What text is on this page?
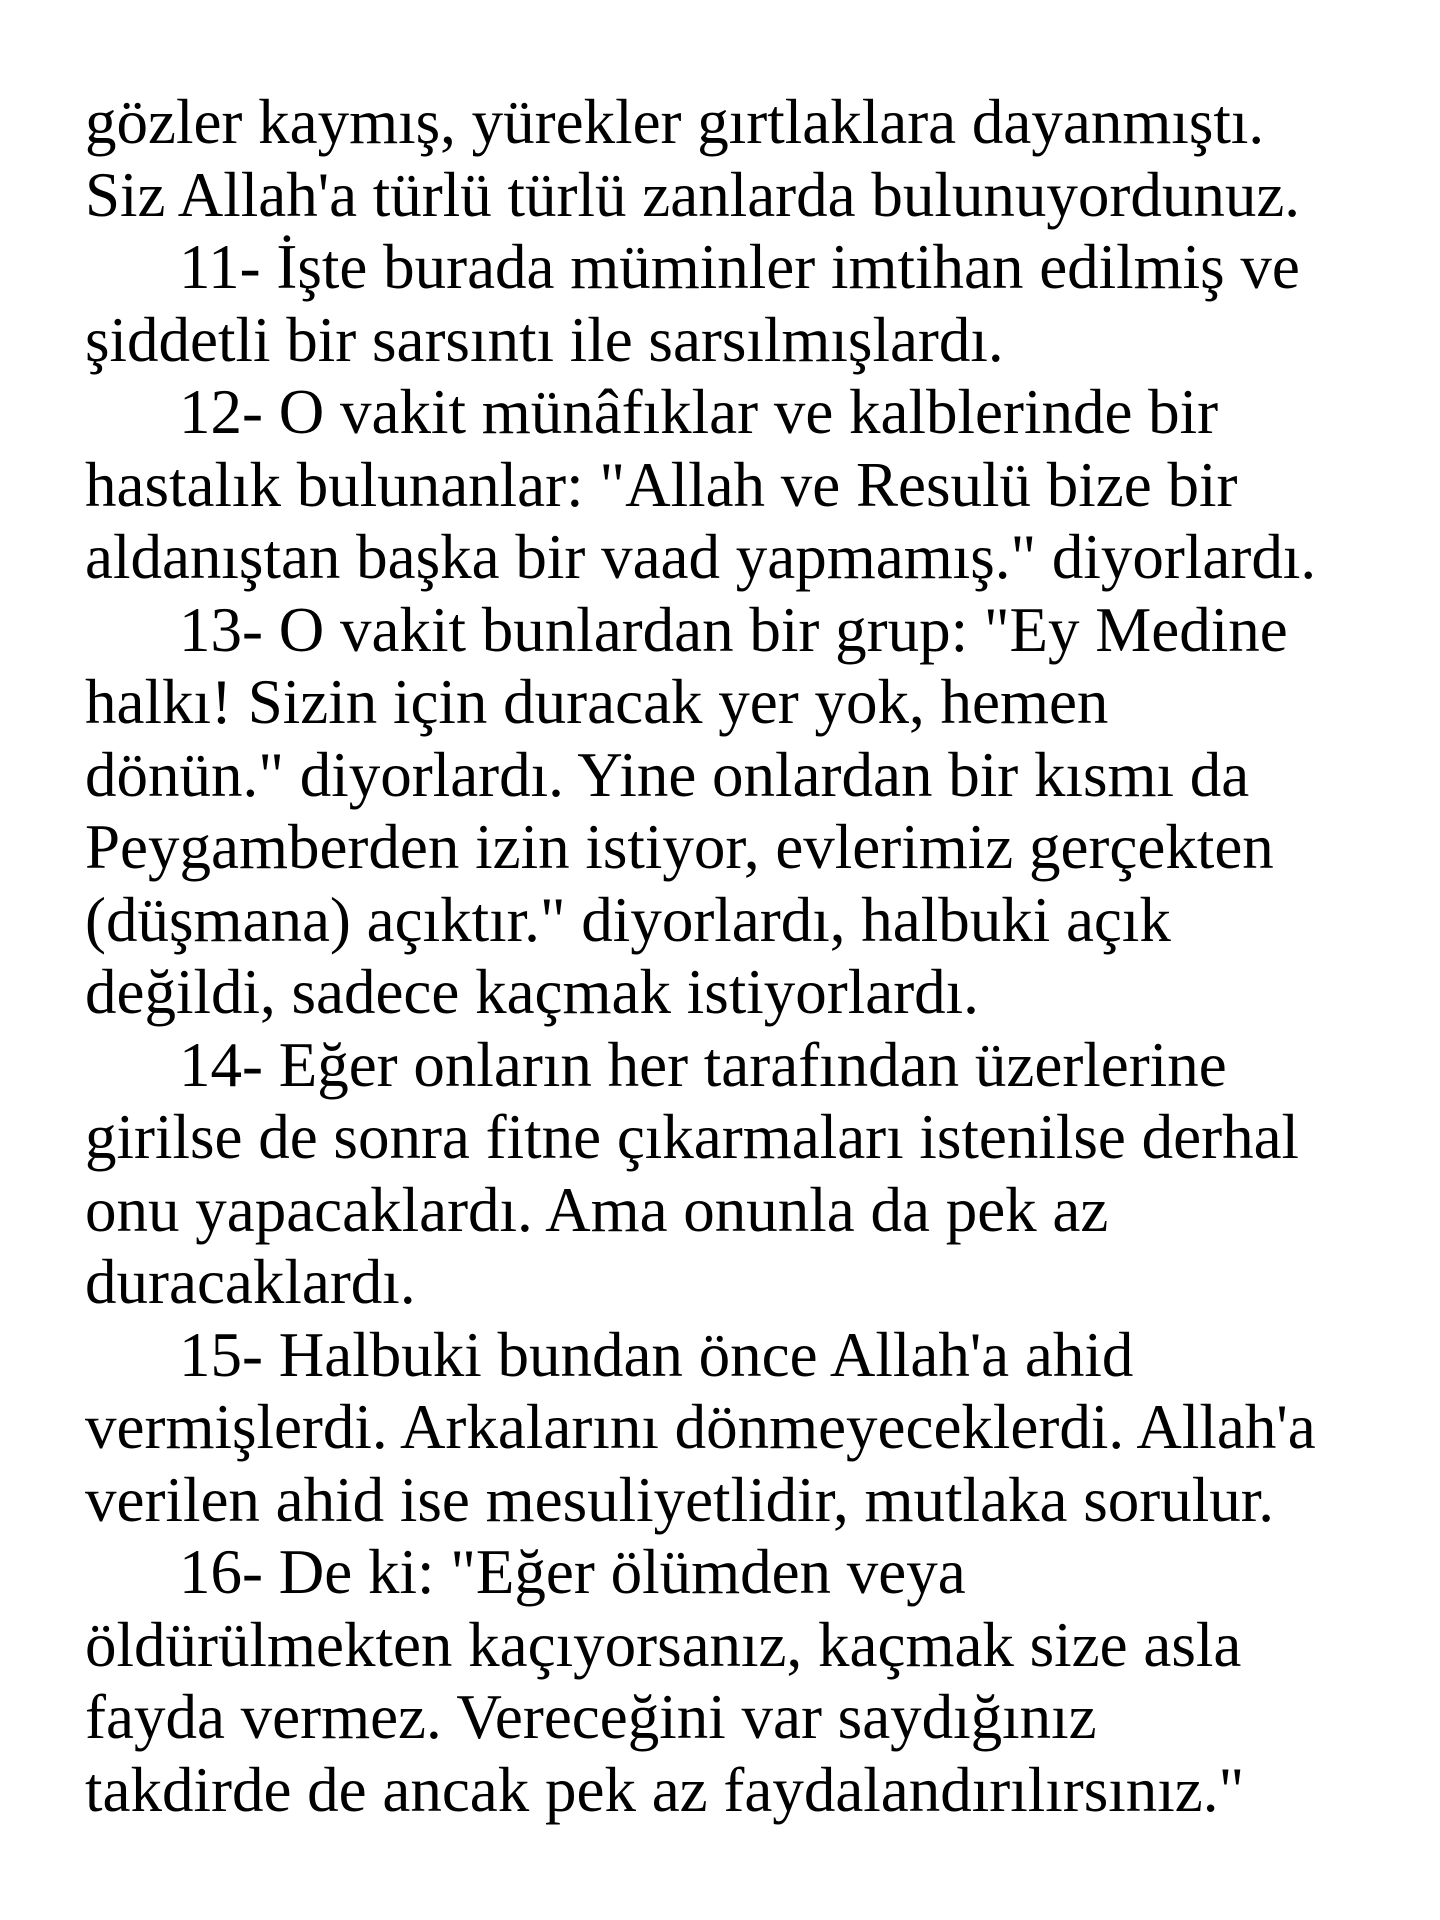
gözler kaymış, yürekler gırtlaklara dayanmıştı.
Siz Allah'a türlü türlü zanlarda bulunuyordunuz.

11- İşte burada müminler imtihan edilmiş ve
şiddetli bir sarsıntı ile sarsılmışlardı.

12- O vakit münâfıklar ve kalblerinde bir
hastalık bulunanlar: "Allah ve Resulü bize bir
aldanıştan başka bir vaad yapmamış." diyorlardı.

13- O vakit bunlardan bir grup: "Ey Medine
halkı! Sizin için duracak yer yok, hemen
dönün." diyorlardı. Yine onlardan bir kısmı da
Peygamberden izin istiyor, evlerimiz gerçekten
(düşmana) açıktır." diyorlardı, halbuki açık
değildi, sadece kaçmak istiyorlardı.

14- Eğer onların her tarafından üzerlerine
girilse de sonra fitne çıkarmaları istenilse derhal
onu yapacaklardı. Ama onunla da pek az
duracaklardı.

15- Halbuki bundan önce Allah'a ahid
vermişlerdi. Arkalarını dönmeyeceklerdi. Allah'a
verilen ahid ise mesuliyetlidir, mutlaka sorulur.

16- De ki: "Eğer ölümden veya
öldürülmekten kaçıyorsanız, kaçmak size asla
fayda vermez. Vereceğini var saydığınız
takdirde de ancak pek az faydalandırılırsınız."
